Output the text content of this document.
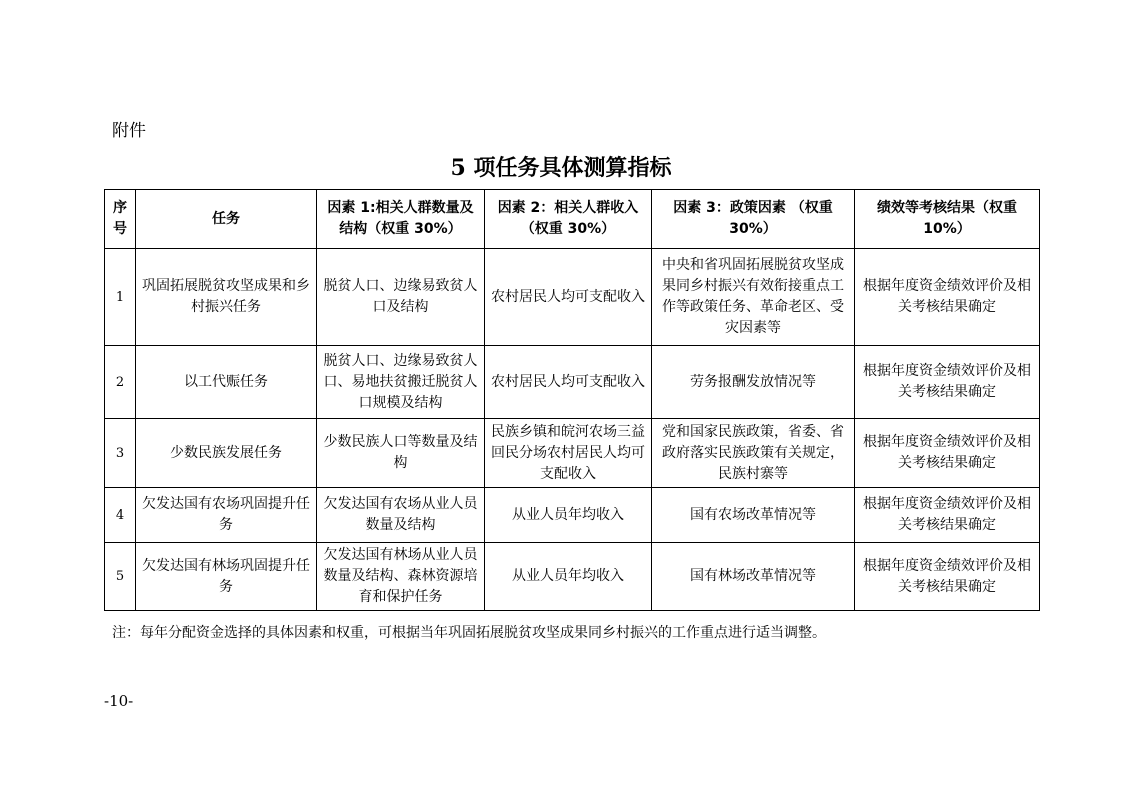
附件
5 项任务具体测算指标
序号	任务	因素 1:相关人群数量及结构（权重 30%）	因素 2：相关人群收入（权重 30%）	因素 3：政策因素 （权重 30%）	绩效等考核结果（权重 10%）
1	巩固拓展脱贫攻坚成果和乡村振兴任务	脱贫人口、边缘易致贫人口及结构	农村居民人均可支配收入	中央和省巩固拓展脱贫攻坚成果同乡村振兴有效衔接重点工作等政策任务、革命老区、受灾因素等	根据年度资金绩效评价及相关考核结果确定
2	以工代赈任务	脱贫人口、边缘易致贫人口、易地扶贫搬迁脱贫人口规模及结构	农村居民人均可支配收入	劳务报酬发放情况等	根据年度资金绩效评价及相关考核结果确定
3	少数民族发展任务	少数民族人口等数量及结构	民族乡镇和皖河农场三益回民分场农村居民人均可支配收入	党和国家民族政策，省委、省政府落实民族政策有关规定，民族村寨等	根据年度资金绩效评价及相关考核结果确定
4	欠发达国有农场巩固提升任务	欠发达国有农场从业人员数量及结构	从业人员年均收入	国有农场改革情况等	根据年度资金绩效评价及相关考核结果确定
5	欠发达国有林场巩固提升任务	欠发达国有林场从业人员数量及结构、森林资源培育和保护任务	从业人员年均收入	国有林场改革情况等	根据年度资金绩效评价及相关考核结果确定
注：每年分配资金选择的具体因素和权重，可根据当年巩固拓展脱贫攻坚成果同乡村振兴的工作重点进行适当调整。
-10-
